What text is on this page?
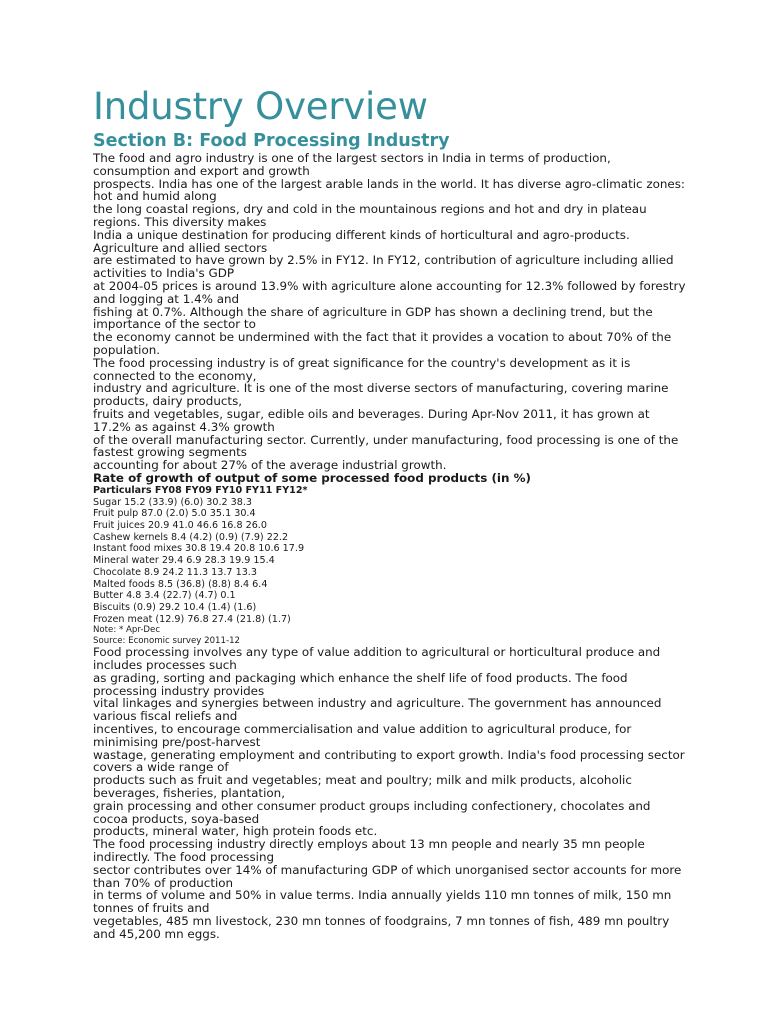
Industry Overview
Section B: Food Processing Industry

The food and agro industry is one of the largest sectors in India in terms of production,

consumption and export and growth

prospects. India has one of the largest arable lands in the world. It has diverse agro-climatic zones:

hot and humid along

the long coastal regions, dry and cold in the mountainous regions and hot and dry in plateau

regions. This diversity makes

India a unique destination for producing different kinds of horticultural and agro-products.

Agriculture and allied sectors

are estimated to have grown by 2.5% in FY12. In FY12, contribution of agriculture including allied

activities to India's GDP

at 2004-05 prices is around 13.9% with agriculture alone accounting for 12.3% followed by forestry

and logging at 1.4% and

fishing at 0.7%. Although the share of agriculture in GDP has shown a declining trend, but the

importance of the sector to

the economy cannot be undermined with the fact that it provides a vocation to about 70% of the

population.

The food processing industry is of great significance for the country's development as it is

connected to the economy,

industry and agriculture. It is one of the most diverse sectors of manufacturing, covering marine

products, dairy products,

fruits and vegetables, sugar, edible oils and beverages. During Apr-Nov 2011, it has grown at

17.2% as against 4.3% growth

of the overall manufacturing sector. Currently, under manufacturing, food processing is one of the

fastest growing segments

accounting for about 27% of the average industrial growth.

Rate of growth of output of some processed food products (in %)

Particulars FY08 FY09 FY10 FY11 FY12*

Sugar 15.2 (33.9) (6.0) 30.2 38.3

Fruit pulp 87.0 (2.0) 5.0 35.1 30.4

Fruit juices 20.9 41.0 46.6 16.8 26.0

Cashew kernels 8.4 (4.2) (0.9) (7.9) 22.2

Instant food mixes 30.8 19.4 20.8 10.6 17.9

Mineral water 29.4 6.9 28.3 19.9 15.4

Chocolate 8.9 24.2 11.3 13.7 13.3

Malted foods 8.5 (36.8) (8.8) 8.4 6.4

Butter 4.8 3.4 (22.7) (4.7) 0.1

Biscuits (0.9) 29.2 10.4 (1.4) (1.6)

Frozen meat (12.9) 76.8 27.4 (21.8) (1.7)

Note: * Apr-Dec

Source: Economic survey 2011-12

Food processing involves any type of value addition to agricultural or horticultural produce and

includes processes such

as grading, sorting and packaging which enhance the shelf life of food products. The food

processing industry provides

vital linkages and synergies between industry and agriculture. The government has announced

various fiscal reliefs and

incentives, to encourage commercialisation and value addition to agricultural produce, for

minimising pre/post-harvest

wastage, generating employment and contributing to export growth. India's food processing sector

covers a wide range of

products such as fruit and vegetables; meat and poultry; milk and milk products, alcoholic

beverages, fisheries, plantation,

grain processing and other consumer product groups including confectionery, chocolates and

cocoa products, soya-based

products, mineral water, high protein foods etc.

The food processing industry directly employs about 13 mn people and nearly 35 mn people

indirectly. The food processing

sector contributes over 14% of manufacturing GDP of which unorganised sector accounts for more

than 70% of production

in terms of volume and 50% in value terms. India annually yields 110 mn tonnes of milk, 150 mn

tonnes of fruits and

vegetables, 485 mn livestock, 230 mn tonnes of foodgrains, 7 mn tonnes of fish, 489 mn poultry

and 45,200 mn eggs.
